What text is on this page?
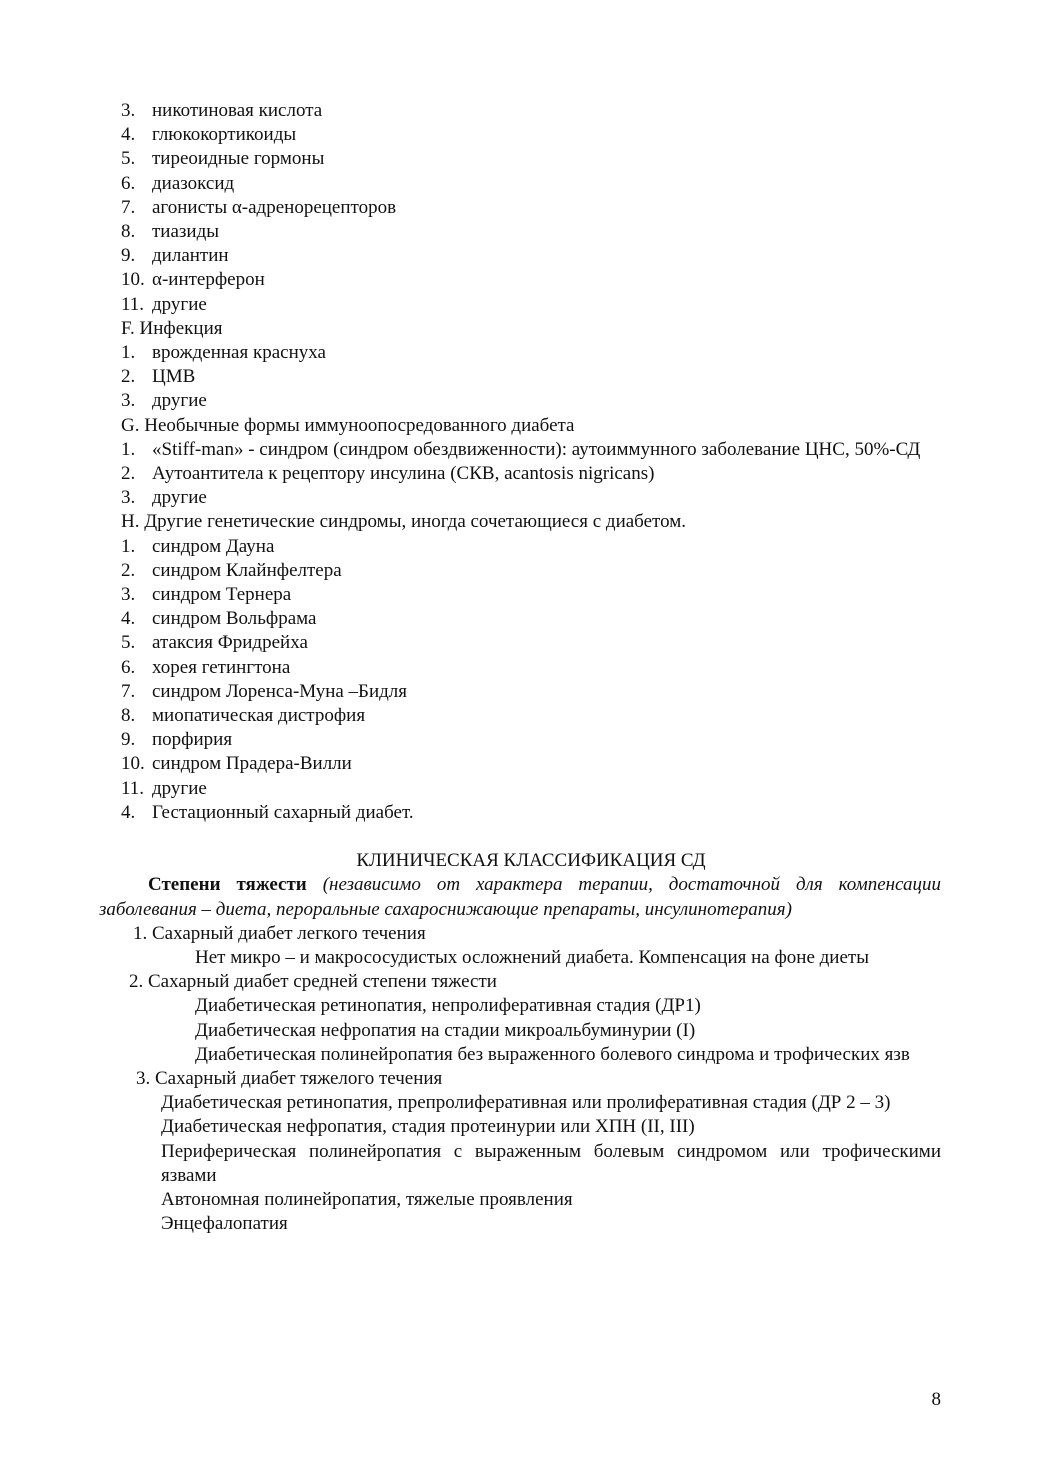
3. никотиновая кислота
4. глюкокортикоиды
5. тиреоидные гормоны
6. диазоксид
7. агонисты α-адренорецепторов
8. тиазиды
9. дилантин
10. α-интерферон
11. другие
F. Инфекция
1. врожденная краснуха
2. ЦМВ
3. другие
G. Необычные формы иммуноопосредованного диабета
1. «Stiff-man» - синдром (синдром обездвиженности): аутоиммунного заболевание ЦНС, 50%-СД
2. Аутоантитела к рецептору инсулина (СКВ, acantosis nigricans)
3. другие
H. Другие генетические синдромы, иногда сочетающиеся с диабетом.
1. синдром Дауна
2. синдром Клайнфелтера
3. синдром Тернера
4. синдром Вольфрама
5. атаксия Фридрейха
6. хорея гетингтона
7. синдром Лоренса-Муна –Бидля
8. миопатическая дистрофия
9. порфирия
10. синдром Прадера-Вилли
11. другие
4. Гестационный сахарный диабет.
КЛИНИЧЕСКАЯ КЛАССИФИКАЦИЯ СД
Степени тяжести (независимо от характера терапии, достаточной для компенсации заболевания – диета, пероральные сахароснижающие препараты, инсулинотерапия)
1. Сахарный диабет легкого течения
Нет микро – и макрососудистых осложнений диабета. Компенсация на фоне диеты
2. Сахарный диабет средней степени тяжести
Диабетическая ретинопатия, непролиферативная стадия (ДР1)
Диабетическая нефропатия на стадии микроальбуминурии (I)
Диабетическая полинейропатия без выраженного болевого синдрома и трофических язв
3. Сахарный диабет тяжелого течения
Диабетическая ретинопатия, препролиферативная или пролиферативная стадия (ДР 2 – 3)
Диабетическая нефропатия, стадия протеинурии или ХПН (II, III)
Периферическая полинейропатия с выраженным болевым синдромом или трофическими язвами
Автономная полинейропатия, тяжелые проявления
Энцефалопатия
8
